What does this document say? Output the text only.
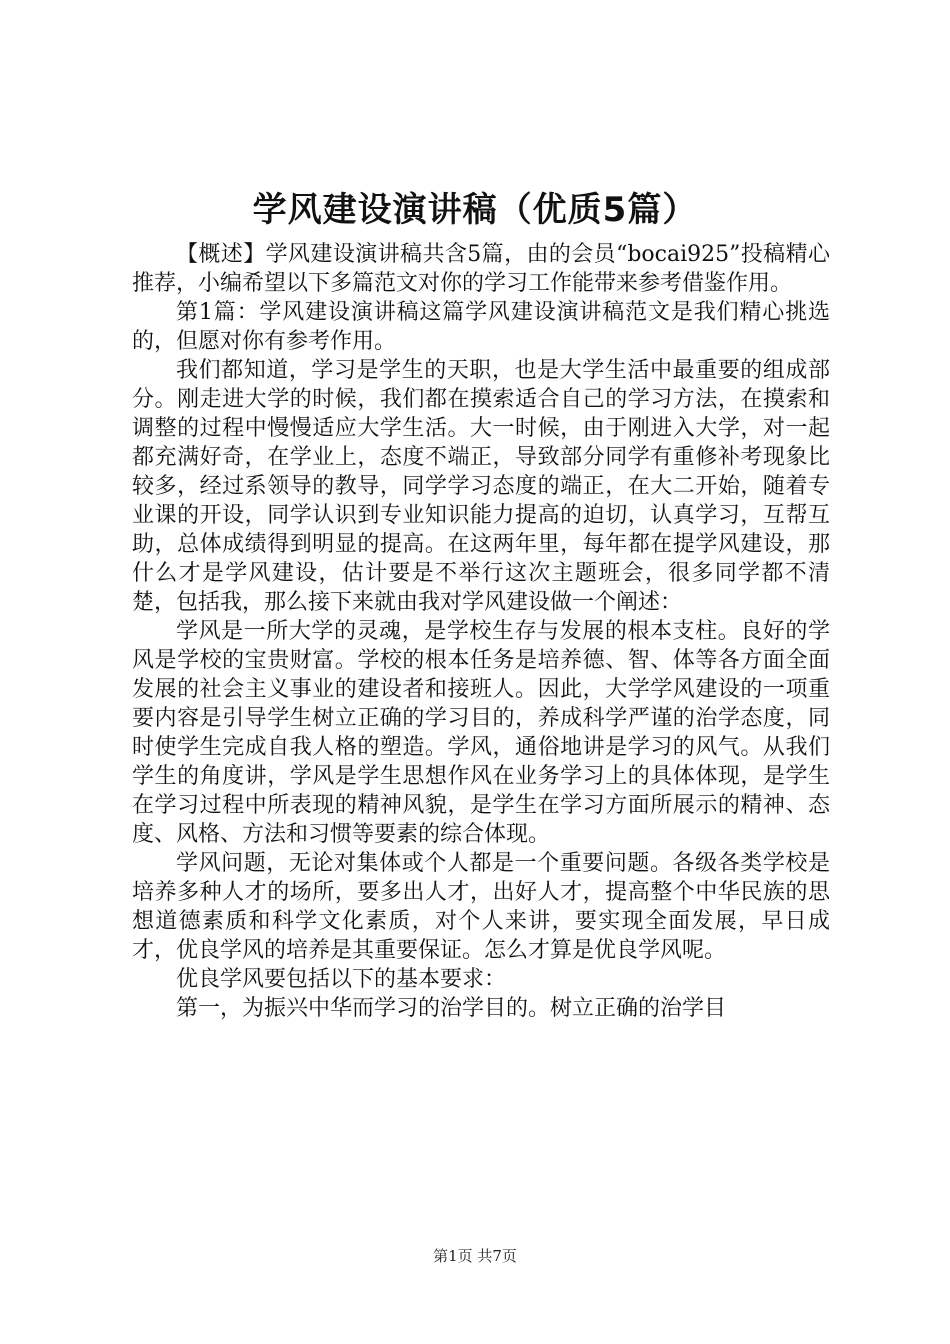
学风建设演讲稿（优质5篇）

【概述】学风建设演讲稿共含5篇，由的会员“bocai925”投稿精心推荐，小编希望以下多篇范文对你的学习工作能带来参考借鉴作用。

第1篇：学风建设演讲稿这篇学风建设演讲稿范文是我们精心挑选的，但愿对你有参考作用。

我们都知道，学习是学生的天职，也是大学生活中最重要的组成部分。刚走进大学的时候，我们都在摸索适合自己的学习方法，在摸索和调整的过程中慢慢适应大学生活。大一时候，由于刚进入大学，对一起都充满好奇，在学业上，态度不端正，导致部分同学有重修补考现象比较多，经过系领导的教导，同学学习态度的端正，在大二开始，随着专业课的开设，同学认识到专业知识能力提高的迫切，认真学习，互帮互助，总体成绩得到明显的提高。在这两年里，每年都在提学风建设，那什么才是学风建设，估计要是不举行这次主题班会，很多同学都不清楚，包括我，那么接下来就由我对学风建设做一个阐述：

学风是一所大学的灵魂，是学校生存与发展的根本支柱。良好的学风是学校的宝贵财富。学校的根本任务是培养德、智、体等各方面全面发展的社会主义事业的建设者和接班人。因此，大学学风建设的一项重要内容是引导学生树立正确的学习目的，养成科学严谨的治学态度，同时使学生完成自我人格的塑造。学风，通俗地讲是学习的风气。从我们学生的角度讲，学风是学生思想作风在业务学习上的具体体现，是学生在学习过程中所表现的精神风貌，是学生在学习方面所展示的精神、态度、风格、方法和习惯等要素的综合体现。

学风问题，无论对集体或个人都是一个重要问题。各级各类学校是培养多种人才的场所，要多出人才，出好人才，提高整个中华民族的思想道德素质和科学文化素质，对个人来讲，要实现全面发展，早日成才，优良学风的培养是其重要保证。怎么才算是优良学风呢。

优良学风要包括以下的基本要求：

第一，为振兴中华而学习的治学目的。树立正确的治学目

第1页 共7页
